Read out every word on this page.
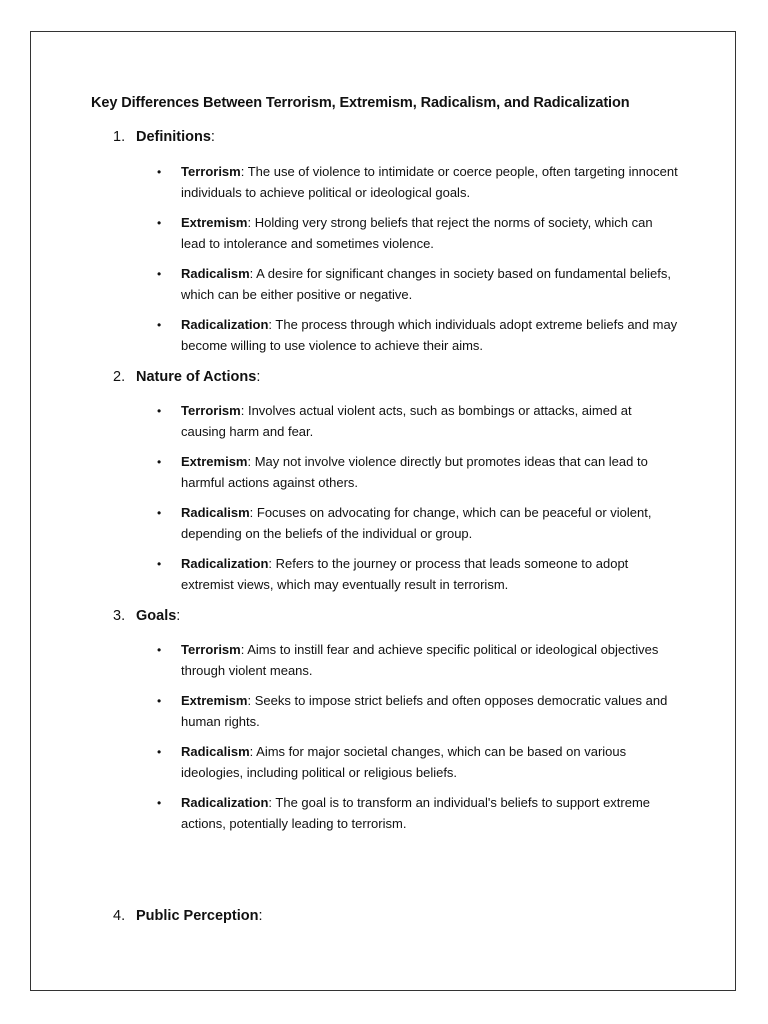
Key Differences Between Terrorism, Extremism, Radicalism, and Radicalization
1. Definitions:
• Terrorism: The use of violence to intimidate or coerce people, often targeting innocent individuals to achieve political or ideological goals.
• Extremism: Holding very strong beliefs that reject the norms of society, which can lead to intolerance and sometimes violence.
• Radicalism: A desire for significant changes in society based on fundamental beliefs, which can be either positive or negative.
• Radicalization: The process through which individuals adopt extreme beliefs and may become willing to use violence to achieve their aims.
2. Nature of Actions:
• Terrorism: Involves actual violent acts, such as bombings or attacks, aimed at causing harm and fear.
• Extremism: May not involve violence directly but promotes ideas that can lead to harmful actions against others.
• Radicalism: Focuses on advocating for change, which can be peaceful or violent, depending on the beliefs of the individual or group.
• Radicalization: Refers to the journey or process that leads someone to adopt extremist views, which may eventually result in terrorism.
3. Goals:
• Terrorism: Aims to instill fear and achieve specific political or ideological objectives through violent means.
• Extremism: Seeks to impose strict beliefs and often opposes democratic values and human rights.
• Radicalism: Aims for major societal changes, which can be based on various ideologies, including political or religious beliefs.
• Radicalization: The goal is to transform an individual's beliefs to support extreme actions, potentially leading to terrorism.
4. Public Perception:
